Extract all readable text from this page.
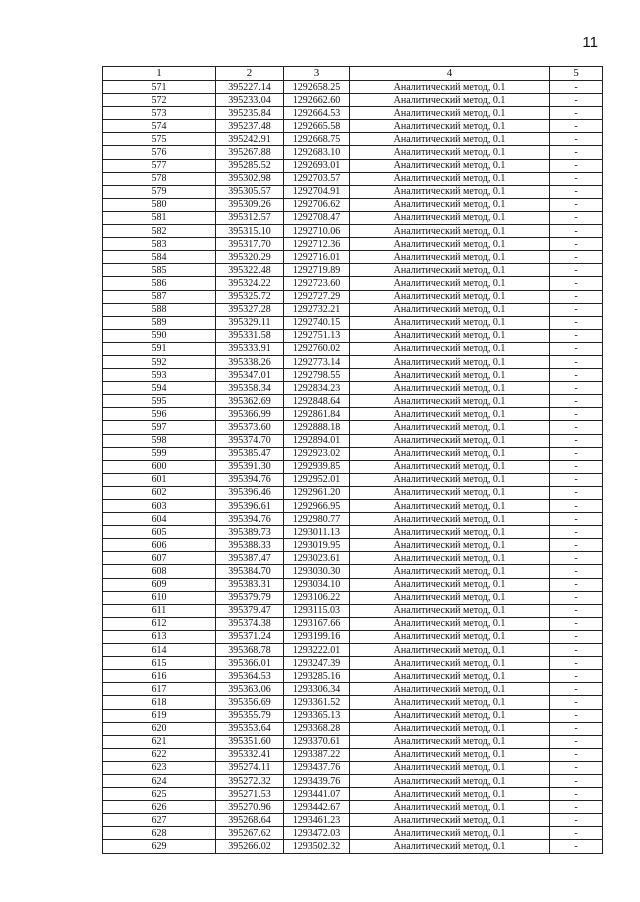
11
1	2	3	4	5
571	395227.14	1292658.25	Аналитический метод, 0.1	-
572	395233.04	1292662.60	Аналитический метод, 0.1	-
573	395235.84	1292664.53	Аналитический метод, 0.1	-
574	395237.48	1292665.58	Аналитический метод, 0.1	-
575	395242.91	1292668.75	Аналитический метод, 0.1	-
576	395267.88	1292683.10	Аналитический метод, 0.1	-
577	395285.52	1292693.01	Аналитический метод, 0.1	-
578	395302.98	1292703.57	Аналитический метод, 0.1	-
579	395305.57	1292704.91	Аналитический метод, 0.1	-
580	395309.26	1292706.62	Аналитический метод, 0.1	-
581	395312.57	1292708.47	Аналитический метод, 0.1	-
582	395315.10	1292710.06	Аналитический метод, 0.1	-
583	395317.70	1292712.36	Аналитический метод, 0.1	-
584	395320.29	1292716.01	Аналитический метод, 0.1	-
585	395322.48	1292719.89	Аналитический метод, 0.1	-
586	395324.22	1292723.60	Аналитический метод, 0.1	-
587	395325.72	1292727.29	Аналитический метод, 0.1	-
588	395327.28	1292732.21	Аналитический метод, 0.1	-
589	395329.11	1292740.15	Аналитический метод, 0.1	-
590	395331.58	1292751.13	Аналитический метод, 0.1	-
591	395333.91	1292760.02	Аналитический метод, 0.1	-
592	395338.26	1292773.14	Аналитический метод, 0.1	-
593	395347.01	1292798.55	Аналитический метод, 0.1	-
594	395358.34	1292834.23	Аналитический метод, 0.1	-
595	395362.69	1292848.64	Аналитический метод, 0.1	-
596	395366.99	1292861.84	Аналитический метод, 0.1	-
597	395373.60	1292888.18	Аналитический метод, 0.1	-
598	395374.70	1292894.01	Аналитический метод, 0.1	-
599	395385.47	1292923.02	Аналитический метод, 0.1	-
600	395391.30	1292939.85	Аналитический метод, 0.1	-
601	395394.76	1292952.01	Аналитический метод, 0.1	-
602	395396.46	1292961.20	Аналитический метод, 0.1	-
603	395396.61	1292966.95	Аналитический метод, 0.1	-
604	395394.76	1292980.77	Аналитический метод, 0.1	-
605	395389.73	1293011.13	Аналитический метод, 0.1	-
606	395388.33	1293019.95	Аналитический метод, 0.1	-
607	395387.47	1293023.61	Аналитический метод, 0.1	-
608	395384.70	1293030.30	Аналитический метод, 0.1	-
609	395383.31	1293034.10	Аналитический метод, 0.1	-
610	395379.79	1293106.22	Аналитический метод, 0.1	-
611	395379.47	1293115.03	Аналитический метод, 0.1	-
612	395374.38	1293167.66	Аналитический метод, 0.1	-
613	395371.24	1293199.16	Аналитический метод, 0.1	-
614	395368.78	1293222.01	Аналитический метод, 0.1	-
615	395366.01	1293247.39	Аналитический метод, 0.1	-
616	395364.53	1293285.16	Аналитический метод, 0.1	-
617	395363.06	1293306.34	Аналитический метод, 0.1	-
618	395356.69	1293361.52	Аналитический метод, 0.1	-
619	395355.79	1293365.13	Аналитический метод, 0.1	-
620	395353.64	1293368.28	Аналитический метод, 0.1	-
621	395351.60	1293370.61	Аналитический метод, 0.1	-
622	395332.41	1293387.22	Аналитический метод, 0.1	-
623	395274.11	1293437.76	Аналитический метод, 0.1	-
624	395272.32	1293439.76	Аналитический метод, 0.1	-
625	395271.53	1293441.07	Аналитический метод, 0.1	-
626	395270.96	1293442.67	Аналитический метод, 0.1	-
627	395268.64	1293461.23	Аналитический метод, 0.1	-
628	395267.62	1293472.03	Аналитический метод, 0.1	-
629	395266.02	1293502.32	Аналитический метод, 0.1	-
